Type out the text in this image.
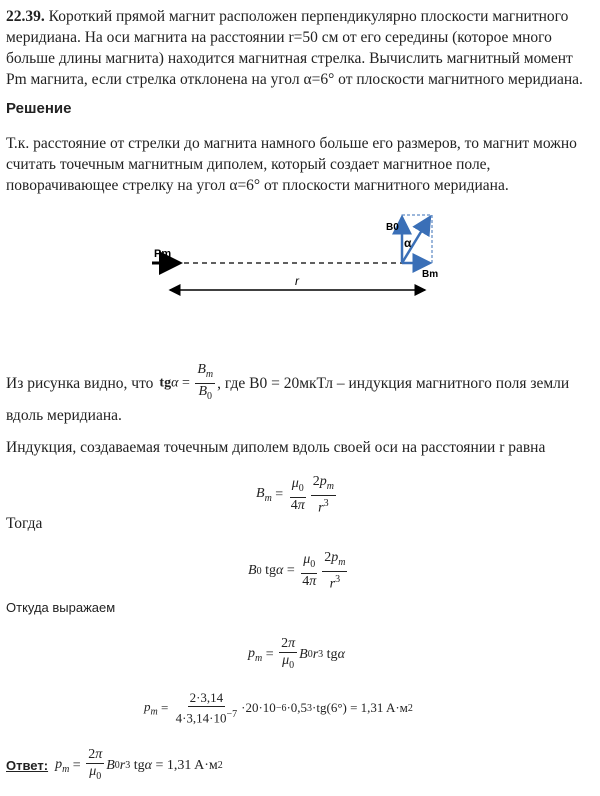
22.39. Короткий прямой магнит расположен перпендикулярно плоскости магнитного меридиана. На оси магнита на расстоянии r=50 см от его середины (которое много больше длины магнита) находится магнитная стрелка. Вычислить магнитный момент Pm магнита, если стрелка отклонена на угол α=6° от плоскости магнитного меридиана.
Решение
Т.к. расстояние от стрелки до магнита намного больше его размеров, то магнит можно считать точечным магнитным диполем, который создает магнитное поле, поворачивающее стрелку на угол α=6° от плоскости магнитного меридиана.
Pm
B0
α
Bm
r
Из рисунка видно, что $tg\alpha = \frac{B_m}{B_0}$ , где B0 = 20мкТл – индукция магнитного поля земли
вдоль меридиана.
Индукция, создаваемая точечным диполем вдоль своей оси на расстоянии r равна
$B_m = \frac{\mu_0}{4\pi} \frac{2p_m}{r^3}$
Тогда
B 0 tg $\alpha = \frac{\mu_0}{4\pi} \frac{2p_m}{r^3}$
Откуда выражаем
$p_m = \frac{2\pi}{\mu_0}$ B 0 r 3 tg α
$p_m = \frac{2\cdot 3,14}{4\cdot 3,14\cdot 10^{-7}} \cdot 20\cdot 10 -6 \cdot 0,5$ 3 ·tg(6°) = 1,31 A·м 2
Ответ:
$p_m = \frac{2\pi}{\mu_0}$ B 0 r 3 tg α
= 1,31 A·м 2
